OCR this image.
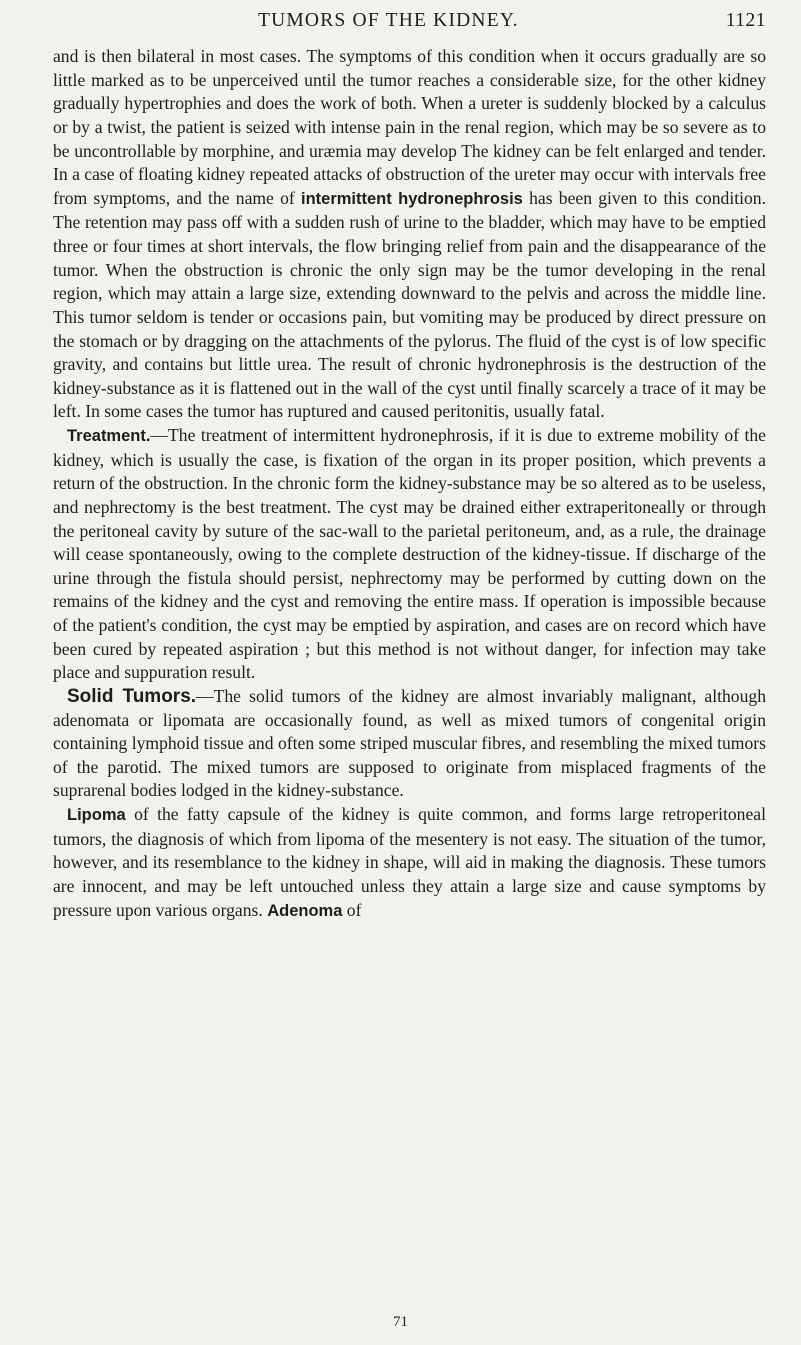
TUMORS OF THE KIDNEY.	1121

and is then bilateral in most cases. The symptoms of this condition when it occurs gradually are so little marked as to be unperceived until the tumor reaches a considerable size, for the other kidney gradually hypertrophies and does the work of both. When a ureter is suddenly blocked by a calculus or by a twist, the patient is seized with intense pain in the renal region, which may be so severe as to be uncontrollable by morphine, and uræmia may develop The kidney can be felt enlarged and tender. In a case of floating kidney repeated attacks of obstruction of the ureter may occur with intervals free from symptoms, and the name of intermittent hydronephrosis has been given to this condition. The retention may pass off with a sudden rush of urine to the bladder, which may have to be emptied three or four times at short intervals, the flow bringing relief from pain and the disappearance of the tumor. When the obstruction is chronic the only sign may be the tumor developing in the renal region, which may attain a large size, extending downward to the pelvis and across the middle line. This tumor seldom is tender or occasions pain, but vomiting may be produced by direct pressure on the stomach or by dragging on the attachments of the pylorus. The fluid of the cyst is of low specific gravity, and contains but little urea. The result of chronic hydronephrosis is the destruction of the kidney-substance as it is flattened out in the wall of the cyst until finally scarcely a trace of it may be left. In some cases the tumor has ruptured and caused peritonitis, usually fatal.

Treatment.—The treatment of intermittent hydronephrosis, if it is due to extreme mobility of the kidney, which is usually the case, is fixation of the organ in its proper position, which prevents a return of the obstruction. In the chronic form the kidney-substance may be so altered as to be useless, and nephrectomy is the best treatment. The cyst may be drained either extraperitoneally or through the peritoneal cavity by suture of the sac-wall to the parietal peritoneum, and, as a rule, the drainage will cease spontaneously, owing to the complete destruction of the kidney-tissue. If discharge of the urine through the fistula should persist, nephrectomy may be performed by cutting down on the remains of the kidney and the cyst and removing the entire mass. If operation is impossible because of the patient's condition, the cyst may be emptied by aspiration, and cases are on record which have been cured by repeated aspiration ; but this method is not without danger, for infection may take place and suppuration result.

Solid Tumors.—The solid tumors of the kidney are almost invariably malignant, although adenomata or lipomata are occasionally found, as well as mixed tumors of congenital origin containing lymphoid tissue and often some striped muscular fibres, and resembling the mixed tumors of the parotid. The mixed tumors are supposed to originate from misplaced fragments of the suprarenal bodies lodged in the kidney-substance.

Lipoma of the fatty capsule of the kidney is quite common, and forms large retroperitoneal tumors, the diagnosis of which from lipoma of the mesentery is not easy. The situation of the tumor, however, and its resemblance to the kidney in shape, will aid in making the diagnosis. These tumors are innocent, and may be left untouched unless they attain a large size and cause symptoms by pressure upon various organs. Adenoma of

71
